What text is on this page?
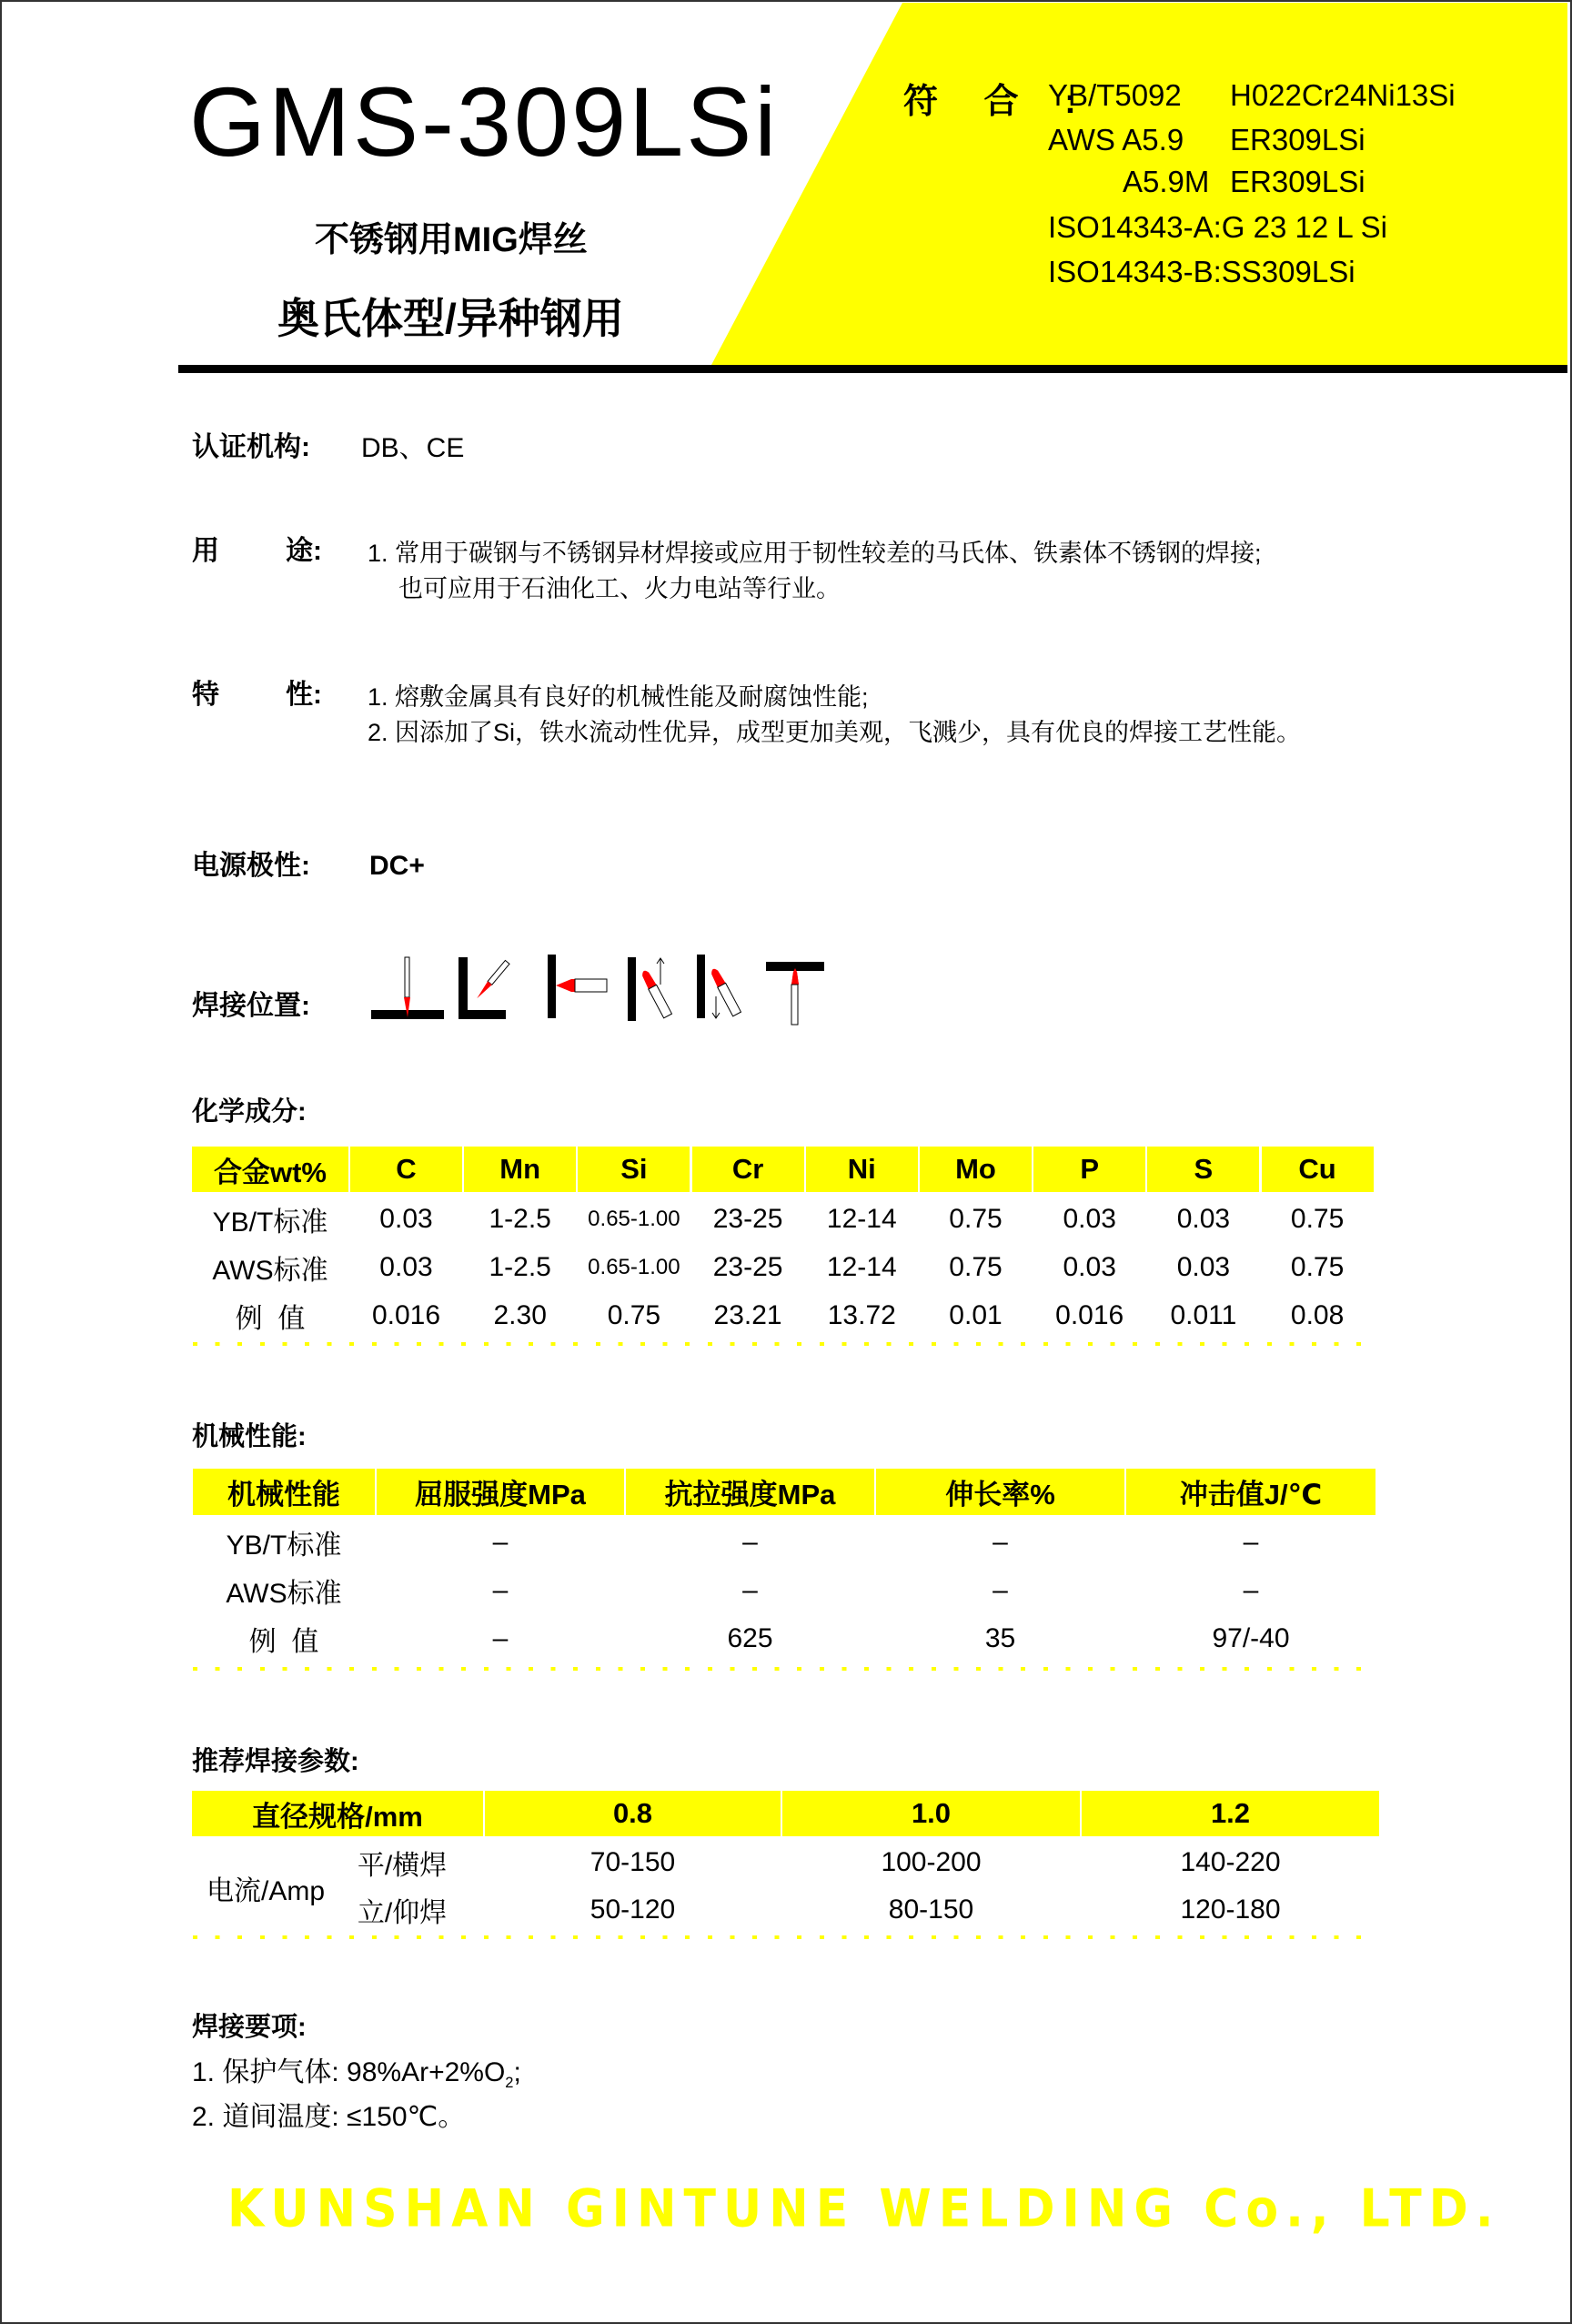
GMS-309LSi
不锈钢用MIG焊丝
奥氏体型/异种钢用
符 合 :
YB/T5092 H022Cr24Ni13Si
AWS A5.9 ER309LSi
A5.9M ER309LSi
ISO14343-A:G 23 12 L Si
ISO14343-B:SS309LSi
认证机构: DB、CE
用 途: 1. 常用于碳钢与不锈钢异材焊接或应用于韧性较差的马氏体、铁素体不锈钢的焊接;
也可应用于石油化工、火力电站等行业。
特 性: 1. 熔敷金属具有良好的机械性能及耐腐蚀性能;
2. 因添加了Si，铁水流动性优异，成型更加美观，飞溅少，具有优良的焊接工艺性能。
电源极性: DC+
焊接位置:
化学成分:
机械性能:
推荐焊接参数:
焊接要项:
1. 保护气体: $98\%Ar+2\%O_2$;
2. 道间温度: ≤150℃。
KUNSHAN GINTUNE WELDING Co., LTD.
合金wt%	C	Mn	Si	Cr	Ni	Mo	P	S	Cu
YB/T标准	0.03	1-2.5	0.65-1.00	23-25	12-14	0.75	0.03	0.03	0.75
AWS标准	0.03	1-2.5	0.65-1.00	23-25	12-14	0.75	0.03	0.03	0.75
例  值	0.016	2.30	0.75	23.21	13.72	0.01	0.016	0.011	0.08
机械性能	屈服强度MPa	抗拉强度MPa	伸长率%	冲击值J/℃
YB/T标准	–	–	–	–
AWS标准	–	–	–	–
例  值	–	625	35	97/-40
直径规格/mm	0.8	1.0	1.2
电流/Amp
平/横焊	70-150	100-200	140-220
立/仰焊	50-120	80-150	120-180
